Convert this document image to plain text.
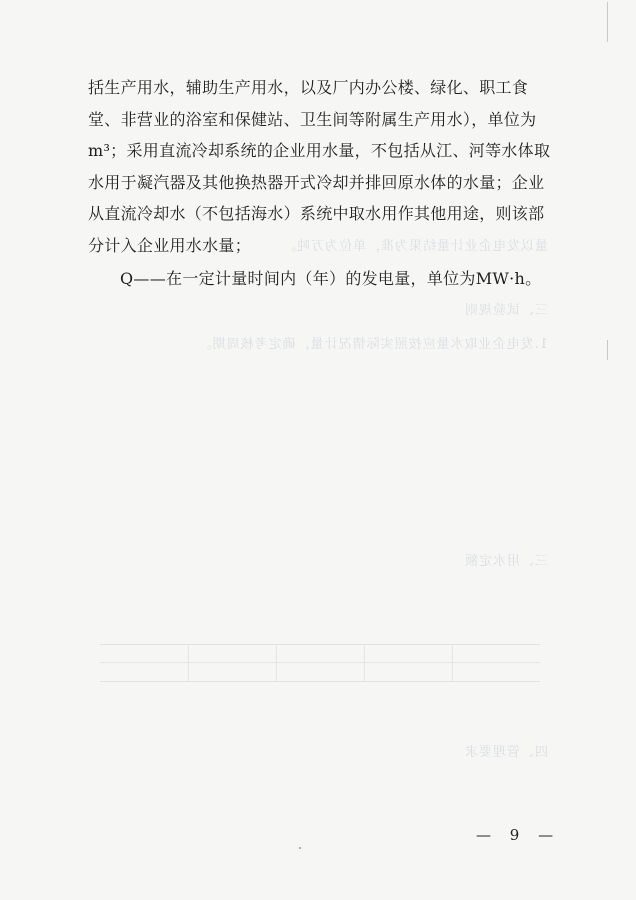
括生产用水，辅助生产用水，以及厂内办公楼、绿化、职工食堂、非营业的浴室和保健站、卫生间等附属生产用水），单位为m³；采用直流冷却系统的企业用水量，不包括从江、河等水体取水用于凝汽器及其他换热器开式冷却并排回原水体的水量；企业从直流冷却水（不包括海水）系统中取水用作其他用途，则该部分计入企业用水水量；

Q——在一定计量时间内（年）的发电量，单位为MW·h。

量以发电企业计量结果为准，单位为万吨。
三、试验规则
1.发电企业取水量应按照实际情况计量，确定考核周期。
三、用水定额
四、管理要求
— 9 —
